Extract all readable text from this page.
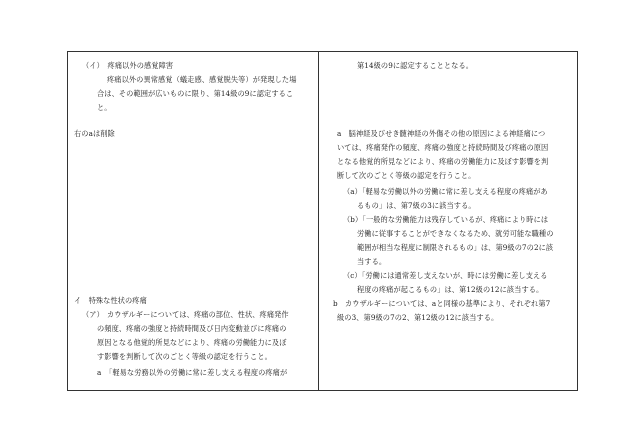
（イ）　疼痛以外の感覚障害
疼痛以外の異常感覚（蟻走感、感覚脱失等）が発現した場
合は、その範囲が広いものに限り、第14級の9に認定するこ
と。
右のaは削除
イ　特殊な性状の疼痛
（ア） カウザルギーについては、疼痛の部位、性状、疼痛発作
の頻度、疼痛の強度と持続時間及び日内変動並びに疼痛の
原因となる他覚的所見などにより、疼痛の労働能力に及ぼ
す影響を判断して次のごとく等級の認定を行うこと。
a　「軽易な労務以外の労働に常に差し支える程度の疼痛が
第14級の9に認定することとなる。
a　脳神経及びせき髄神経の外傷その他の原因による神経痛につ
いては、疼痛発作の頻度、疼痛の強度と持続時間及び疼痛の原因
となる他覚的所見などにより、疼痛の労働能力に及ぼす影響を判
断して次のごとく等級の認定を行うこと。
（a）「軽易な労働以外の労働に常に差し支える程度の疼痛があ
るもの」は、第7級の3に該当する。
（b）「一般的な労働能力は残存しているが、疼痛により時には
労働に従事することができなくなるため、就労可能な職種の
範囲が相当な程度に制限されるもの」は、第9級の7の2に該
当する。
（c）「労働には通常差し支えないが、時には労働に差し支える
程度の疼痛が起こるもの」は、第12級の12に該当する。
b　カウザルギーについては、aと同様の基準により、それぞれ第7
級の3、第9級の7の2、第12級の12に該当する。
